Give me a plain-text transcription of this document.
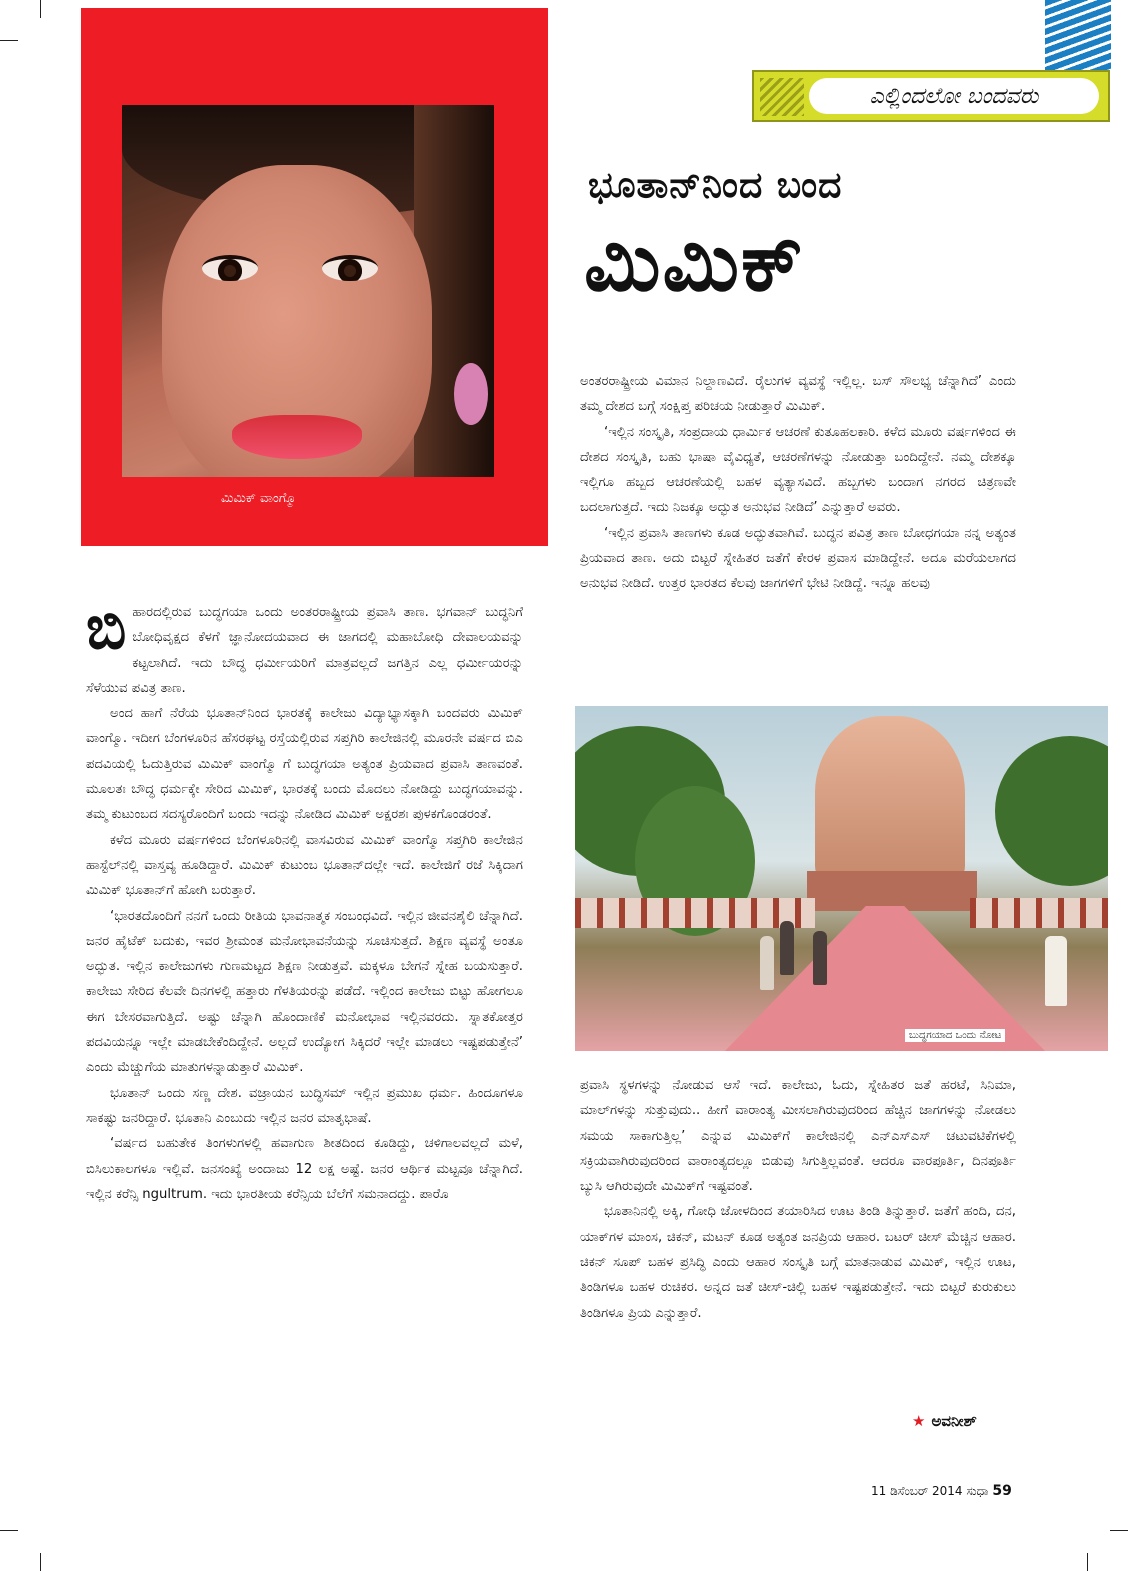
ಮಿಮಿಕ್ ವಾಂಗ್ಮೊ
ಎಲ್ಲಿಂದಲೋ ಬಂದವರು
ಭೂತಾನ್‌ನಿಂದ ಬಂದ
ಮಿಮಿಕ್

ಬಿಹಾರದಲ್ಲಿರುವ ಬುದ್ಧಗಯಾ ಒಂದು ಅಂತರರಾಷ್ಟ್ರೀಯ ಪ್ರವಾಸಿ ತಾಣ. ಭಗವಾನ್ ಬುದ್ಧನಿಗೆ ಬೋಧಿವೃಕ್ಷದ ಕೆಳಗೆ ಜ್ಞಾನೋದಯವಾದ ಈ ಜಾಗದಲ್ಲಿ ಮಹಾಬೋಧಿ ದೇವಾಲಯವನ್ನು ಕಟ್ಟಲಾಗಿದೆ. ಇದು ಬೌದ್ಧ ಧರ್ಮೀಯರಿಗೆ ಮಾತ್ರವಲ್ಲದೆ ಜಗತ್ತಿನ ಎಲ್ಲ ಧರ್ಮೀಯರನ್ನು ಸೆಳೆಯುವ ಪವಿತ್ರ ತಾಣ.

ಅಂದ ಹಾಗೆ ನೆರೆಯ ಭೂತಾನ್‌ನಿಂದ ಭಾರತಕ್ಕೆ ಕಾಲೇಜು ವಿದ್ಯಾಭ್ಯಾಸಕ್ಕಾಗಿ ಬಂದವರು ಮಿಮಿಕ್ ವಾಂಗ್ಮೊ. ಇದೀಗ ಬೆಂಗಳೂರಿನ ಹೆಸರಘಟ್ಟ ರಸ್ತೆಯಲ್ಲಿರುವ ಸಪ್ತಗಿರಿ ಕಾಲೇಜಿನಲ್ಲಿ ಮೂರನೇ ವರ್ಷದ ಬಿಎ ಪದವಿಯಲ್ಲಿ ಓದುತ್ತಿರುವ ಮಿಮಿಕ್ ವಾಂಗ್ಮೊ ಗೆ ಬುದ್ಧಗಯಾ ಅತ್ಯಂತ ಪ್ರಿಯವಾದ ಪ್ರವಾಸಿ ತಾಣವಂತೆ. ಮೂಲತಃ ಬೌದ್ಧ ಧರ್ಮಕ್ಕೇ ಸೇರಿದ ಮಿಮಿಕ್, ಭಾರತಕ್ಕೆ ಬಂದು ಮೊದಲು ನೋಡಿದ್ದು ಬುದ್ಧಗಯಾವನ್ನು. ತಮ್ಮ ಕುಟುಂಬದ ಸದಸ್ಯರೊಂದಿಗೆ ಬಂದು ಇದನ್ನು ನೋಡಿದ ಮಿಮಿಕ್ ಅಕ್ಷರಶಃ ಪುಳಕಗೊಂಡರಂತೆ.

ಕಳೆದ ಮೂರು ವರ್ಷಗಳಿಂದ ಬೆಂಗಳೂರಿನಲ್ಲಿ ವಾಸವಿರುವ ಮಿಮಿಕ್ ವಾಂಗ್ಮೊ ಸಪ್ತಗಿರಿ ಕಾಲೇಜಿನ ಹಾಸ್ಟೆಲ್‌ನಲ್ಲಿ ವಾಸ್ತವ್ಯ ಹೂಡಿದ್ದಾರೆ. ಮಿಮಿಕ್ ಕುಟುಂಬ ಭೂತಾನ್‌ದಲ್ಲೇ ಇದೆ. ಕಾಲೇಜಿಗೆ ರಜೆ ಸಿಕ್ಕಿದಾಗ ಮಿಮಿಕ್ ಭೂತಾನ್‌ಗೆ ಹೋಗಿ ಬರುತ್ತಾರೆ.

‘ಭಾರತದೊಂದಿಗೆ ನನಗೆ ಒಂದು ರೀತಿಯ ಭಾವನಾತ್ಮಕ ಸಂಬಂಧವಿದೆ. ಇಲ್ಲಿನ ಜೀವನಶೈಲಿ ಚೆನ್ನಾಗಿದೆ. ಜನರ ಹೈಟೆಕ್ ಬದುಕು, ಇವರ ಶ್ರೀಮಂತ ಮನೋಭಾವನೆಯನ್ನು ಸೂಚಿಸುತ್ತದೆ. ಶಿಕ್ಷಣ ವ್ಯವಸ್ಥೆ ಅಂತೂ ಅದ್ಭುತ. ಇಲ್ಲಿನ ಕಾಲೇಜುಗಳು ಗುಣಮಟ್ಟದ ಶಿಕ್ಷಣ ನೀಡುತ್ತವೆ. ಮಕ್ಕಳೂ ಬೇಗನೆ ಸ್ನೇಹ ಬಯಸುತ್ತಾರೆ. ಕಾಲೇಜು ಸೇರಿದ ಕೆಲವೇ ದಿನಗಳಲ್ಲಿ ಹತ್ತಾರು ಗೆಳತಿಯರನ್ನು ಪಡೆದೆ. ಇಲ್ಲಿಂದ ಕಾಲೇಜು ಬಿಟ್ಟು ಹೋಗಲೂ ಈಗ ಬೇಸರವಾಗುತ್ತಿದೆ. ಅಷ್ಟು ಚೆನ್ನಾಗಿ ಹೊಂದಾಣಿಕೆ ಮನೋಭಾವ ಇಲ್ಲಿನವರದು. ಸ್ನಾತಕೋತ್ತರ ಪದವಿಯನ್ನೂ ಇಲ್ಲೇ ಮಾಡಬೇಕೆಂದಿದ್ದೇನೆ. ಅಲ್ಲದೆ ಉದ್ಯೋಗ ಸಿಕ್ಕಿದರೆ ಇಲ್ಲೇ ಮಾಡಲು ಇಷ್ಟಪಡುತ್ತೇನೆ’ ಎಂದು ಮೆಚ್ಚುಗೆಯ ಮಾತುಗಳನ್ನಾಡುತ್ತಾರೆ ಮಿಮಿಕ್.

ಭೂತಾನ್ ಒಂದು ಸಣ್ಣ ದೇಶ. ವಜ್ರಾಯನ ಬುದ್ಧಿಸಮ್ ಇಲ್ಲಿನ ಪ್ರಮುಖ ಧರ್ಮ. ಹಿಂದೂಗಳೂ ಸಾಕಷ್ಟು ಜನರಿದ್ದಾರೆ. ಭೂತಾನಿ ಎಂಬುದು ಇಲ್ಲಿನ ಜನರ ಮಾತೃಭಾಷೆ.

‘ವರ್ಷದ ಬಹುತೇಕ ತಿಂಗಳುಗಳಲ್ಲಿ ಹವಾಗುಣ ಶೀತದಿಂದ ಕೂಡಿದ್ದು, ಚಳಿಗಾಲವಲ್ಲದೆ ಮಳೆ, ಬಿಸಿಲುಕಾಲಗಳೂ ಇಲ್ಲಿವೆ. ಜನಸಂಖ್ಯೆ ಅಂದಾಜು 12 ಲಕ್ಷ ಅಷ್ಟೆ. ಜನರ ಆರ್ಥಿಕ ಮಟ್ಟವೂ ಚೆನ್ನಾಗಿದೆ. ಇಲ್ಲಿನ ಕರೆನ್ಸಿ ngultrum. ಇದು ಭಾರತೀಯ ಕರೆನ್ಸಿಯ ಬೆಲೆಗೆ ಸಮನಾದದ್ದು. ಪಾರೊ

ಅಂತರರಾಷ್ಟ್ರೀಯ ವಿಮಾನ ನಿಲ್ದಾಣವಿದೆ. ರೈಲುಗಳ ವ್ಯವಸ್ಥೆ ಇಲ್ಲಿಲ್ಲ. ಬಸ್ ಸೌಲಭ್ಯ ಚೆನ್ನಾಗಿದೆ’ ಎಂದು ತಮ್ಮ ದೇಶದ ಬಗ್ಗೆ ಸಂಕ್ಷಿಪ್ತ ಪರಿಚಯ ನೀಡುತ್ತಾರೆ ಮಿಮಿಕ್.

‘ಇಲ್ಲಿನ ಸಂಸ್ಕೃತಿ, ಸಂಪ್ರದಾಯ ಧಾರ್ಮಿಕ ಆಚರಣೆ ಕುತೂಹಲಕಾರಿ. ಕಳೆದ ಮೂರು ವರ್ಷಗಳಿಂದ ಈ ದೇಶದ ಸಂಸ್ಕೃತಿ, ಬಹು ಭಾಷಾ ವೈವಿಧ್ಯತೆ, ಆಚರಣೆಗಳನ್ನು ನೋಡುತ್ತಾ ಬಂದಿದ್ದೇನೆ. ನಮ್ಮ ದೇಶಕ್ಕೂ ಇಲ್ಲಿಗೂ ಹಬ್ಬದ ಆಚರಣೆಯಲ್ಲಿ ಬಹಳ ವ್ಯತ್ಯಾಸವಿದೆ. ಹಬ್ಬಗಳು ಬಂದಾಗ ನಗರದ ಚಿತ್ರಣವೇ ಬದಲಾಗುತ್ತದೆ. ಇದು ನಿಜಕ್ಕೂ ಅದ್ಭುತ ಅನುಭವ ನೀಡಿದೆ’ ಎನ್ನುತ್ತಾರೆ ಅವರು.

‘ಇಲ್ಲಿನ ಪ್ರವಾಸಿ ತಾಣಗಳು ಕೂಡ ಅದ್ಭುತವಾಗಿವೆ. ಬುದ್ಧನ ಪವಿತ್ರ ತಾಣ ಬೋಧಗಯಾ ನನ್ನ ಅತ್ಯಂತ ಪ್ರಿಯವಾದ ತಾಣ. ಅದು ಬಿಟ್ಟರೆ ಸ್ನೇಹಿತರ ಜತೆಗೆ ಕೇರಳ ಪ್ರವಾಸ ಮಾಡಿದ್ದೇನೆ. ಅದೂ ಮರೆಯಲಾಗದ ಅನುಭವ ನೀಡಿದೆ. ಉತ್ತರ ಭಾರತದ ಕೆಲವು ಜಾಗಗಳಿಗೆ ಭೇಟಿ ನೀಡಿದ್ದೆ. ಇನ್ನೂ ಹಲವು

ಬುದ್ಧಗಯಾದ ಒಂದು ನೋಟ

ಪ್ರವಾಸಿ ಸ್ಥಳಗಳನ್ನು ನೋಡುವ ಆಸೆ ಇದೆ. ಕಾಲೇಜು, ಓದು, ಸ್ನೇಹಿತರ ಜತೆ ಹರಟೆ, ಸಿನಿಮಾ, ಮಾಲ್‌ಗಳನ್ನು ಸುತ್ತುವುದು.. ಹೀಗೆ ವಾರಾಂತ್ಯ ಮೀಸಲಾಗಿರುವುದರಿಂದ ಹೆಚ್ಚಿನ ಜಾಗಗಳನ್ನು ನೋಡಲು ಸಮಯ ಸಾಕಾಗುತ್ತಿಲ್ಲ’ ಎನ್ನುವ ಮಿಮಿಕ್‌ಗೆ ಕಾಲೇಜಿನಲ್ಲಿ ಎನ್‌ಎಸ್‌ಎಸ್ ಚಟುವಟಿಕೆಗಳಲ್ಲಿ ಸಕ್ರಿಯವಾಗಿರುವುದರಿಂದ ವಾರಾಂತ್ಯದಲ್ಲೂ ಬಿಡುವು ಸಿಗುತ್ತಿಲ್ಲವಂತೆ. ಆದರೂ ವಾರಪೂರ್ತಿ, ದಿನಪೂರ್ತಿ ಬ್ಯುಸಿ ಆಗಿರುವುದೇ ಮಿಮಿಕ್‌ಗೆ ಇಷ್ಟವಂತೆ.

ಭೂತಾನಿನಲ್ಲಿ ಅಕ್ಕಿ, ಗೋಧಿ ಜೋಳದಿಂದ ತಯಾರಿಸಿದ ಊಟ ತಿಂಡಿ ತಿನ್ನುತ್ತಾರೆ. ಜತೆಗೆ ಹಂದಿ, ದನ, ಯಾಕ್‌ಗಳ ಮಾಂಸ, ಚಿಕನ್, ಮಟನ್ ಕೂಡ ಅತ್ಯಂತ ಜನಪ್ರಿಯ ಆಹಾರ. ಬಟರ್ ಚೀಸ್ ಮೆಚ್ಚಿನ ಆಹಾರ. ಚಿಕನ್ ಸೂಪ್ ಬಹಳ ಪ್ರಸಿದ್ಧಿ ಎಂದು ಆಹಾರ ಸಂಸ್ಕೃತಿ ಬಗ್ಗೆ ಮಾತನಾಡುವ ಮಿಮಿಕ್, ಇಲ್ಲಿನ ಊಟ, ತಿಂಡಿಗಳೂ ಬಹಳ ರುಚಿಕರ. ಅನ್ನದ ಜತೆ ಚೀಸ್-ಚಿಲ್ಲಿ ಬಹಳ ಇಷ್ಟಪಡುತ್ತೇನೆ. ಇದು ಬಿಟ್ಟರೆ ಕುರುಕುಲು ತಿಂಡಿಗಳೂ ಪ್ರಿಯ ಎನ್ನುತ್ತಾರೆ.

★ ಅವನೀಶ್
11 ಡಿಸೆಂಬರ್ 2014 ಸುಧಾ 59
